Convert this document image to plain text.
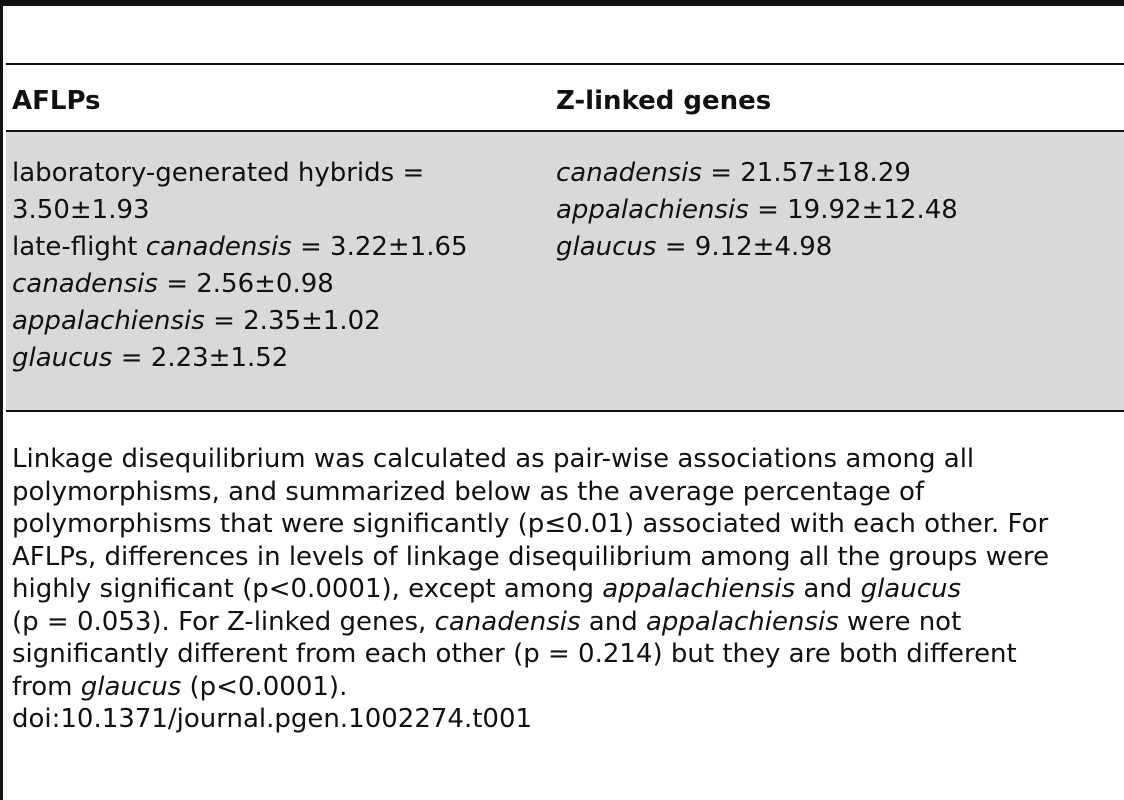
AFLPs	Z-linked genes
laboratory-generated hybrids =
3.50±1.93
late-flight canadensis = 3.22±1.65
canadensis = 2.56±0.98
appalachiensis = 2.35±1.02
glaucus = 2.23±1.52
canadensis = 21.57±18.29
appalachiensis = 19.92±12.48
glaucus = 9.12±4.98
Linkage disequilibrium was calculated as pair-wise associations among all
polymorphisms, and summarized below as the average percentage of
polymorphisms that were significantly (p≤0.01) associated with each other. For
AFLPs, differences in levels of linkage disequilibrium among all the groups were
highly significant (p<0.0001), except among appalachiensis and glaucus
(p = 0.053). For Z-linked genes, canadensis and appalachiensis were not
significantly different from each other (p = 0.214) but they are both different
from glaucus (p<0.0001).
doi:10.1371/journal.pgen.1002274.t001
